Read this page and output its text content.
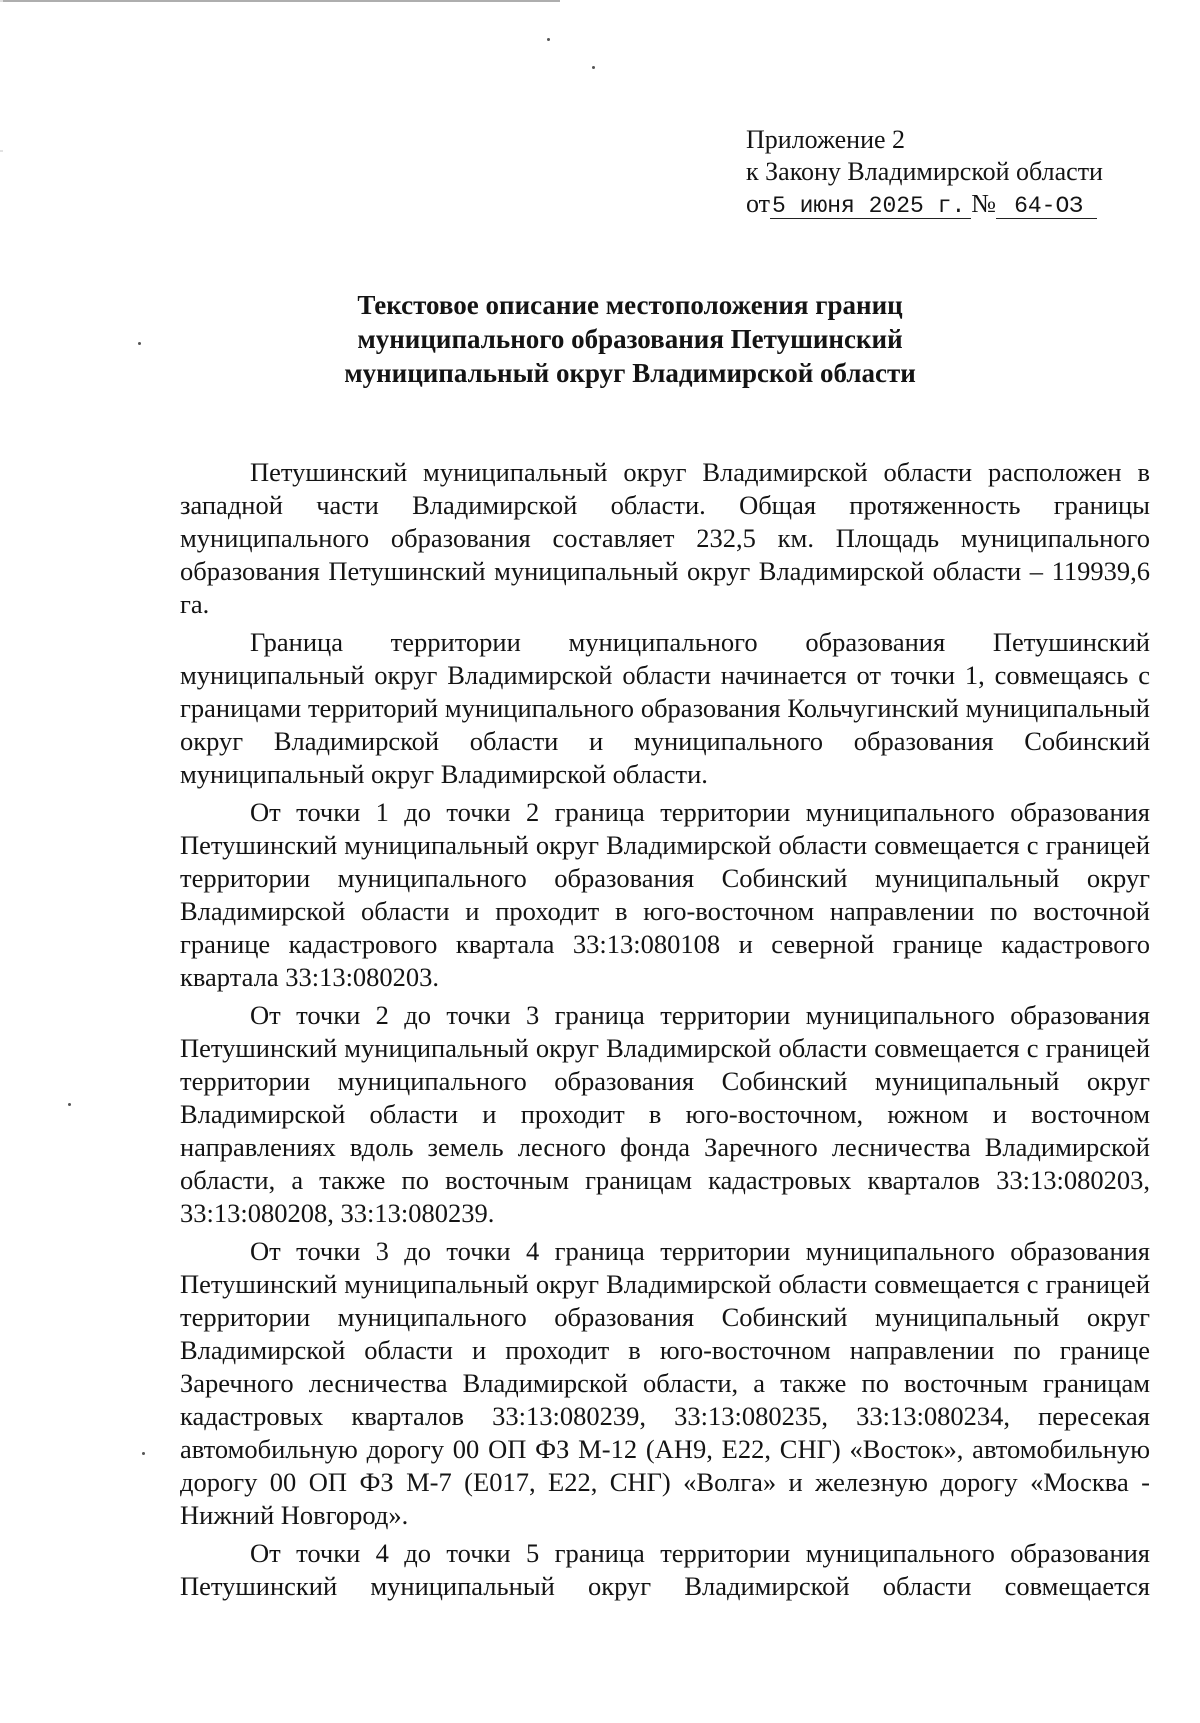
Приложение 2
к Закону Владимирской области
от5 июня 2025 г. № 64-ОЗ
Текстовое описание местоположения границ
муниципального образования Петушинский
муниципальный округ Владимирской области

Петушинский муниципальный округ Владимирской области расположен в западной части Владимирской области. Общая протяженность границы муниципального образования составляет 232,5 км. Площадь муниципального образования Петушинский муниципальный округ Владимирской области – 119939,6 га.

Граница территории муниципального образования Петушинский муниципальный округ Владимирской области начинается от точки 1, совмещаясь с границами территорий муниципального образования Кольчугинский муниципальный округ Владимирской области и муниципального образования Собинский муниципальный округ Владимирской области.

От точки 1 до точки 2 граница территории муниципального образования Петушинский муниципальный округ Владимирской области совмещается с границей территории муниципального образования Собинский муниципальный округ Владимирской области и проходит в юго-восточном направлении по восточной границе кадастрового квартала 33:13:080108 и северной границе кадастрового квартала 33:13:080203.

От точки 2 до точки 3 граница территории муниципального образования Петушинский муниципальный округ Владимирской области совмещается с границей территории муниципального образования Собинский муниципальный округ Владимирской области и проходит в юго-восточном, южном и восточном направлениях вдоль земель лесного фонда Заречного лесничества Владимирской области, а также по восточным границам кадастровых кварталов 33:13:080203, 33:13:080208, 33:13:080239.

От точки 3 до точки 4 граница территории муниципального образования Петушинский муниципальный округ Владимирской области совмещается с границей территории муниципального образования Собинский муниципальный округ Владимирской области и проходит в юго-восточном направлении по границе Заречного лесничества Владимирской области, а также по восточным границам кадастровых кварталов 33:13:080239, 33:13:080235, 33:13:080234, пересекая автомобильную дорогу 00 ОП ФЗ М-12 (АН9, Е22, СНГ) «Восток», автомобильную дорогу 00 ОП ФЗ М-7 (Е017, Е22, СНГ) «Волга» и железную дорогу «Москва - Нижний Новгород».

От точки 4 до точки 5 граница территории муниципального образования Петушинский муниципальный округ Владимирской области совмещается
